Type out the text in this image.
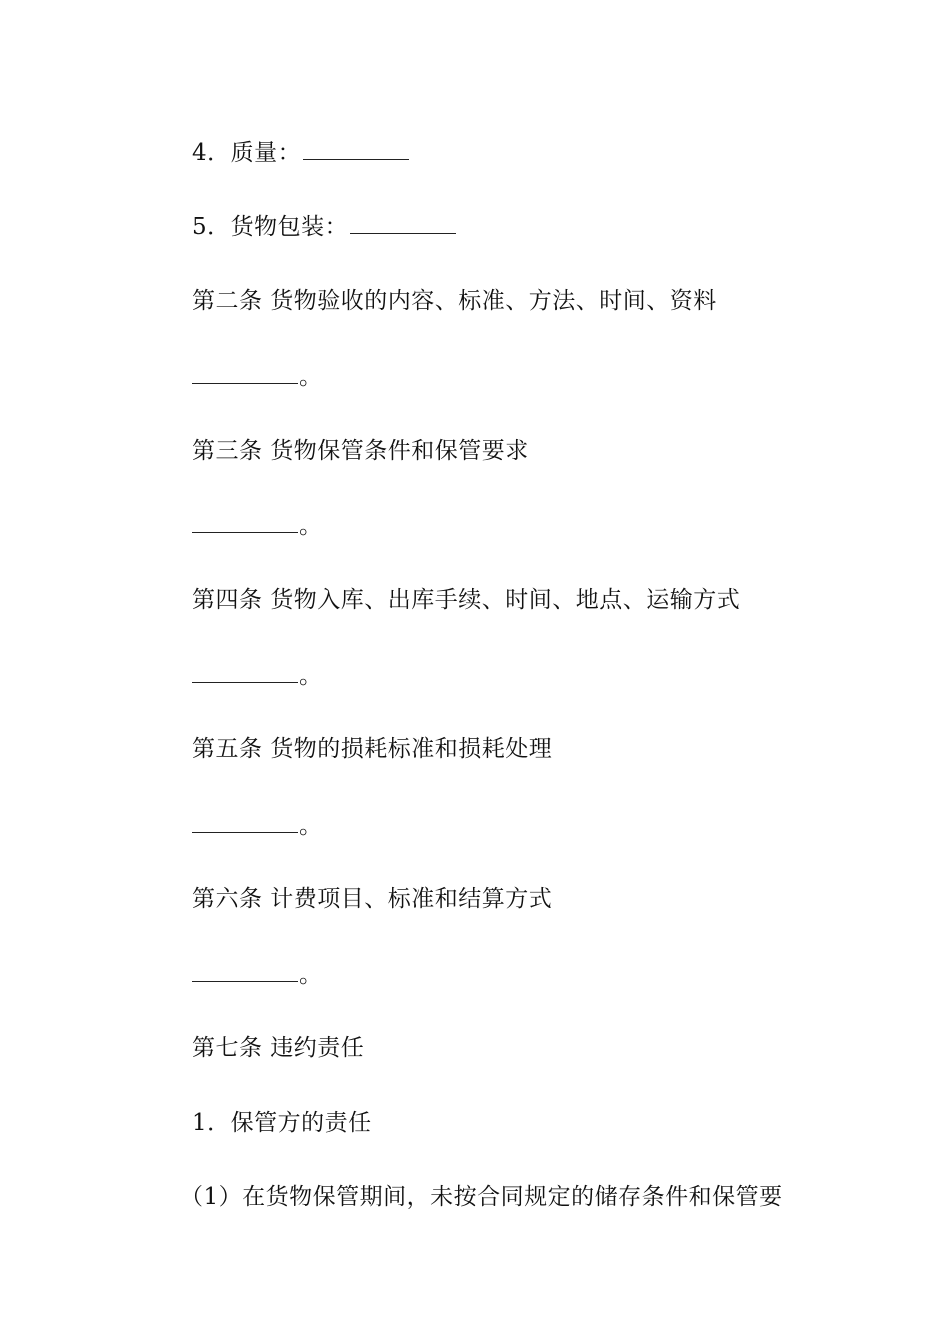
4．质量：
5．货物包装：
第二条 货物验收的内容、标准、方法、时间、资料
。
第三条 货物保管条件和保管要求
。
第四条 货物入库、出库手续、时间、地点、运输方式
。
第五条 货物的损耗标准和损耗处理
。
第六条 计费项目、标准和结算方式
。
第七条 违约责任
1．保管方的责任
（1）在货物保管期间，未按合同规定的储存条件和保管要
